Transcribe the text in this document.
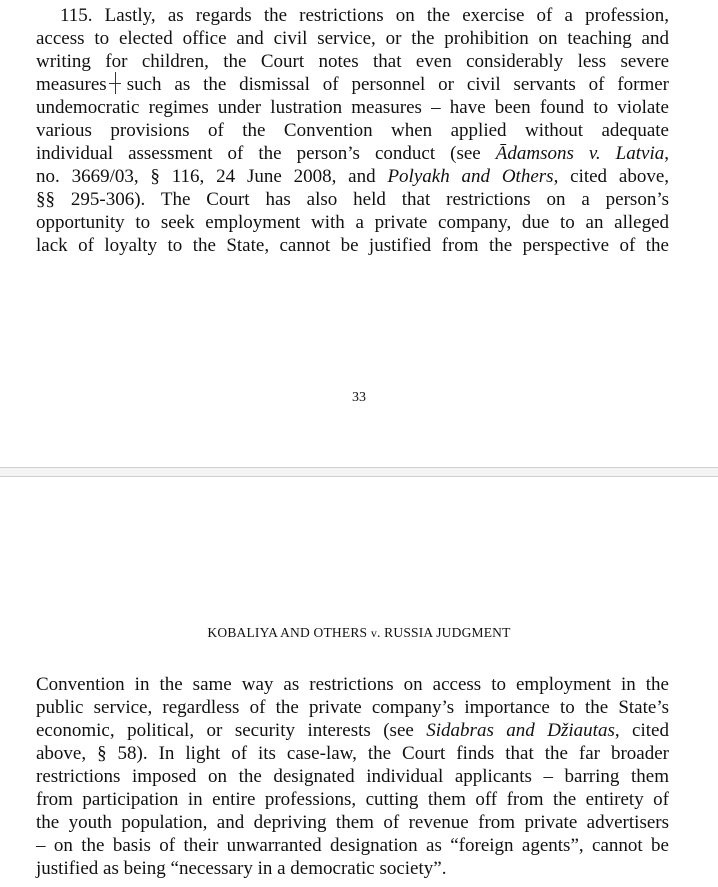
115. Lastly, as regards the restrictions on the exercise of a profession,
access to elected office and civil service, or the prohibition on teaching and
writing for children, the Court notes that even considerably less severe
measures such as the dismissal of personnel or civil servants of former
undemocratic regimes under lustration measures – have been found to violate
various provisions of the Convention when applied without adequate
individual assessment of the person’s conduct (see Ādamsons v. Latvia,
no. 3669/03, § 116, 24 June 2008, and Polyakh and Others, cited above,
§§ 295-306). The Court has also held that restrictions on a person’s
opportunity to seek employment with a private company, due to an alleged
lack of loyalty to the State, cannot be justified from the perspective of the
33
KOBALIYA AND OTHERS v. RUSSIA JUDGMENT
Convention in the same way as restrictions on access to employment in the
public service, regardless of the private company’s importance to the State’s
economic, political, or security interests (see Sidabras and Džiautas, cited
above, § 58). In light of its case-law, the Court finds that the far broader
restrictions imposed on the designated individual applicants – barring them
from participation in entire professions, cutting them off from the entirety of
the youth population, and depriving them of revenue from private advertisers
– on the basis of their unwarranted designation as “foreign agents”, cannot be
justified as being “necessary in a democratic society”.
